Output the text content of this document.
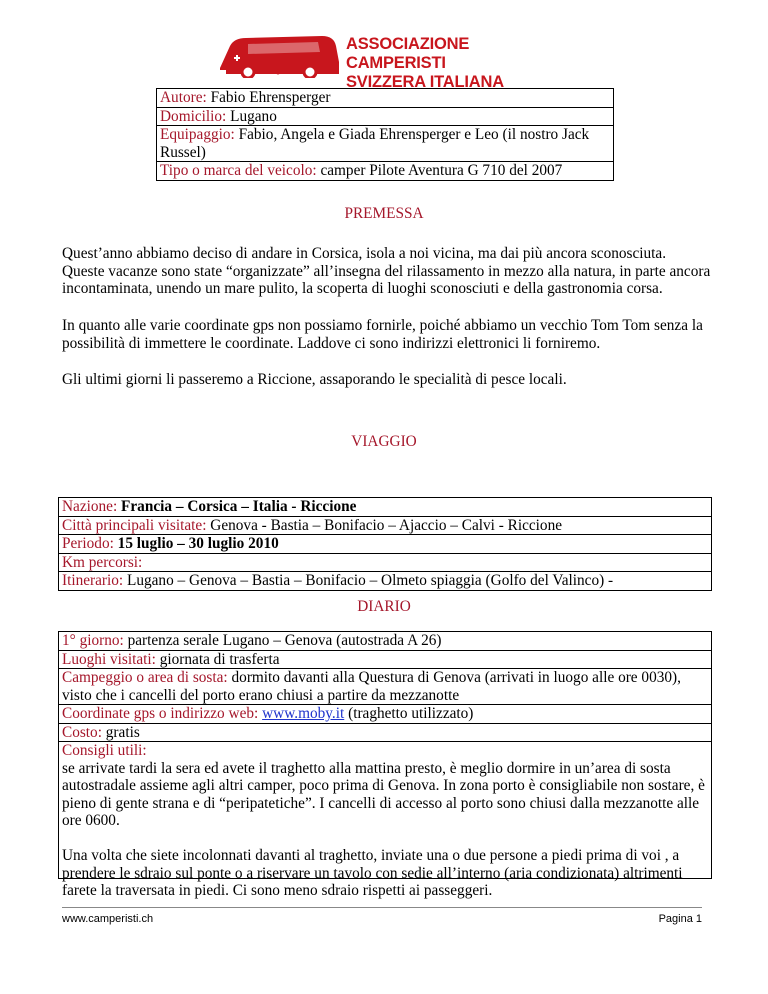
ASSOCIAZIONE CAMPERISTI
SVIZZERA ITALIANA
Autore: Fabio Ehrensperger
Domicilio: Lugano
Equipaggio: Fabio, Angela e Giada Ehrensperger e Leo (il nostro Jack Russel)
Tipo o marca del veicolo: camper Pilote Aventura G 710 del 2007
PREMESSA
Quest’anno abbiamo deciso di andare in Corsica, isola a noi vicina, ma dai più ancora sconosciuta. Queste vacanze sono state “organizzate” all’insegna del rilassamento in mezzo alla natura, in parte ancora incontaminata, unendo un mare pulito, la scoperta di luoghi sconosciuti e della gastronomia corsa.
In quanto alle varie coordinate gps non possiamo fornirle, poiché abbiamo un vecchio Tom Tom senza la possibilità di immettere le coordinate. Laddove ci sono indirizzi elettronici li forniremo.
Gli ultimi giorni li passeremo a Riccione, assaporando le specialità di pesce locali.
VIAGGIO
Nazione: Francia – Corsica – Italia - Riccione
Città principali visitate: Genova - Bastia – Bonifacio – Ajaccio – Calvi - Riccione
Periodo: 15 luglio – 30 luglio 2010
Km percorsi:
Itinerario: Lugano – Genova – Bastia – Bonifacio – Olmeto spiaggia (Golfo del Valinco) -
DIARIO
1° giorno: partenza serale Lugano – Genova (autostrada A 26)
Luoghi visitati: giornata di trasferta
Campeggio o area di sosta: dormito davanti alla Questura di Genova (arrivati in luogo alle ore 0030), visto che i cancelli del porto erano chiusi a partire da mezzanotte
Coordinate gps o indirizzo web: www.moby.it (traghetto utilizzato)
Costo: gratis
Consigli utili:
se arrivate tardi la sera ed avete il traghetto alla mattina presto, è meglio dormire in un’area di sosta autostradale assieme agli altri camper, poco prima di Genova. In zona porto è consigliabile non sostare, è pieno di gente strana e di “peripatetiche”. I cancelli di accesso al porto sono chiusi dalla mezzanotte alle ore 0600.
Una volta che siete incolonnati davanti al traghetto, inviate una o due persone a piedi prima di voi , a prendere le sdraio sul ponte o a riservare un tavolo con sedie all’interno (aria condizionata) altrimenti farete la traversata in piedi. Ci sono meno sdraio rispetti ai passeggeri.
www.camperisti.ch	Pagina 1
